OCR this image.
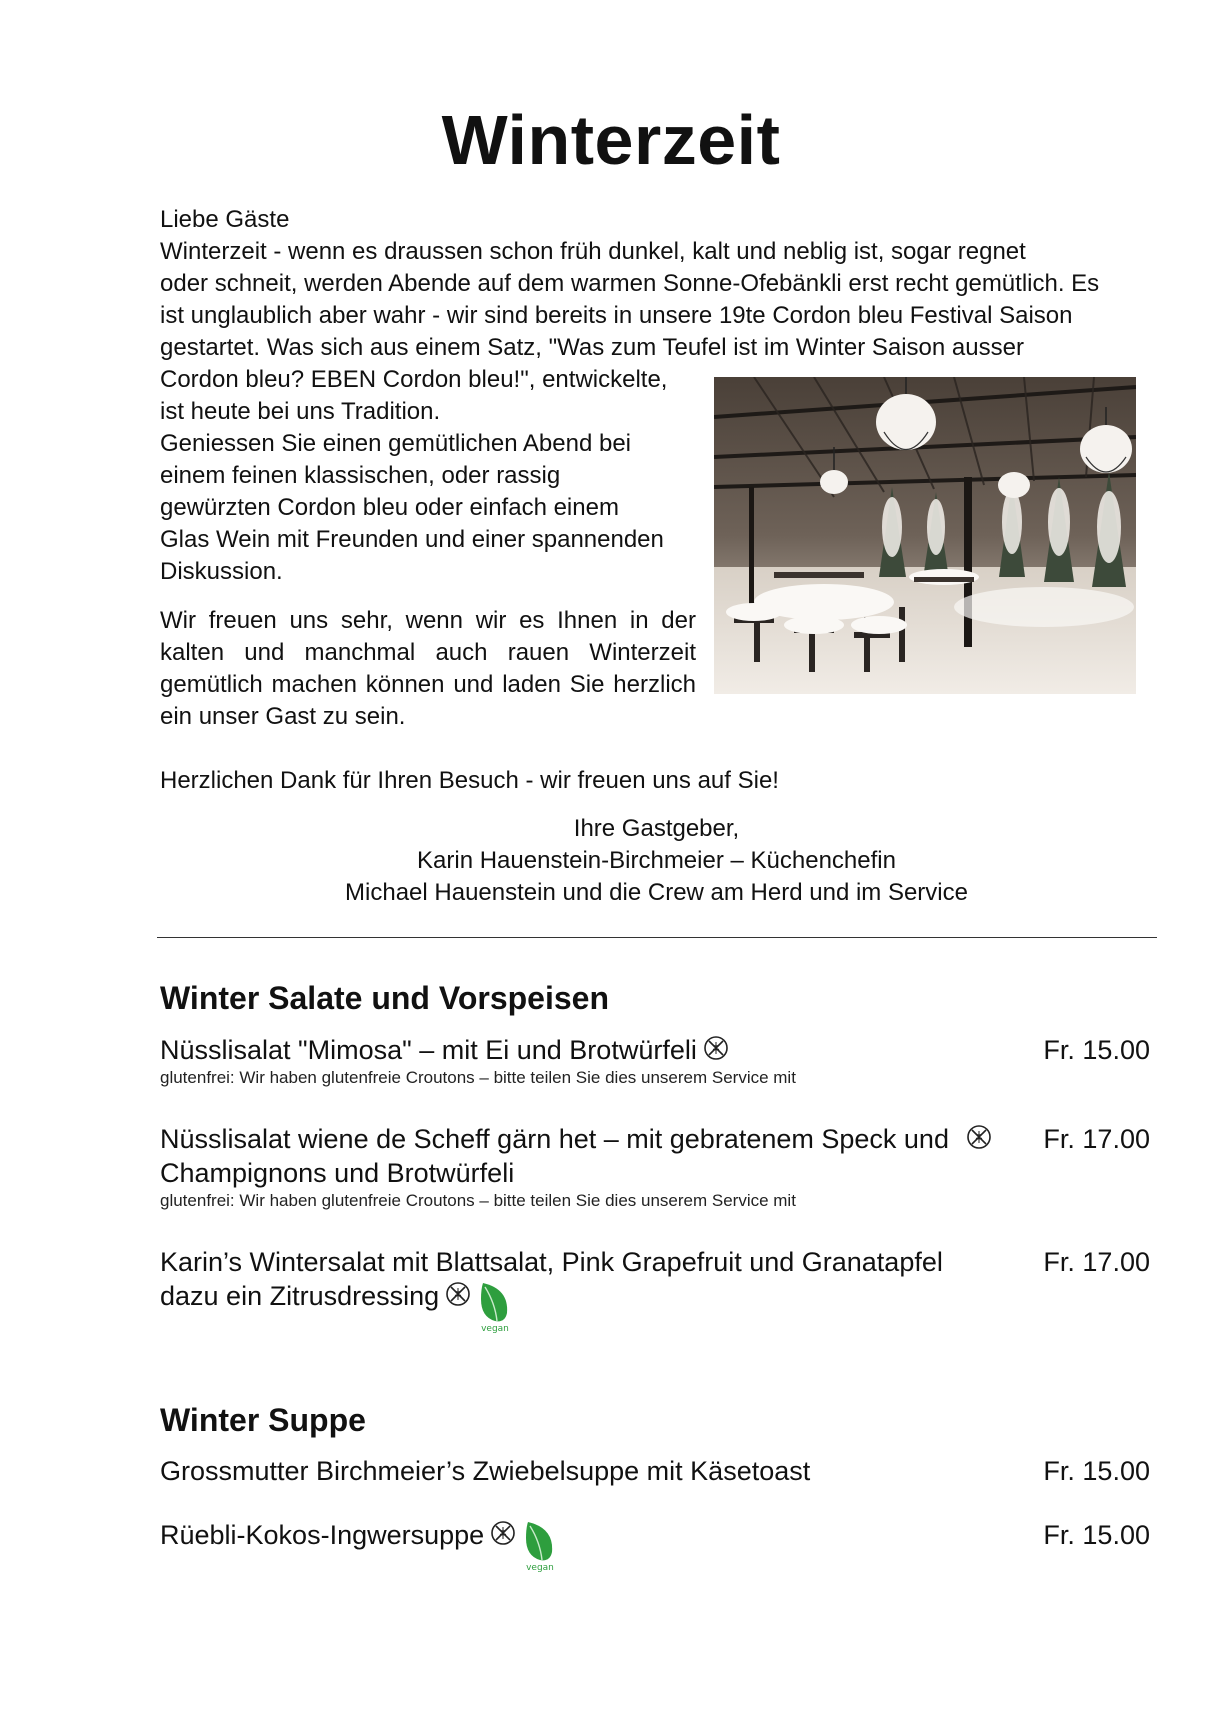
Winterzeit
Liebe Gäste
Winterzeit - wenn es draussen schon früh dunkel, kalt und neblig ist, sogar regnet
oder schneit, werden Abende auf dem warmen Sonne-Ofebänkli erst recht gemütlich. Es
ist unglaublich aber wahr - wir sind bereits in unsere 19te Cordon bleu Festival Saison
gestartet. Was sich aus einem Satz, "Was zum Teufel ist im Winter Saison ausser
Cordon bleu? EBEN Cordon bleu!", entwickelte,
ist heute bei uns Tradition.
Geniessen Sie einen gemütlichen Abend bei
einem feinen klassischen, oder rassig
gewürzten Cordon bleu oder einfach einem
Glas Wein mit Freunden und einer spannenden
Diskussion.
Wir freuen uns sehr, wenn wir es Ihnen in der kalten und manchmal auch rauen Winterzeit gemütlich machen können und laden Sie herzlich ein unser Gast zu sein.
Herzlichen Dank für Ihren Besuch - wir freuen uns auf Sie!
Ihre Gastgeber,
Karin Hauenstein-Birchmeier – Küchenchefin
Michael Hauenstein und die Crew am Herd und im Service
Winter Salate und Vorspeisen
Nüsslisalat "Mimosa" – mit Ei und Brotwürfeli
glutenfrei: Wir haben glutenfreie Croutons – bitte teilen Sie dies unserem Service mit
Fr. 15.00
Nüsslisalat wiene de Scheff gärn het – mit gebratenem Speck und Champignons und Brotwürfeli
glutenfrei: Wir haben glutenfreie Croutons – bitte teilen Sie dies unserem Service mit
Fr. 17.00
Karin’s Wintersalat mit Blattsalat, Pink Grapefruit und Granatapfel dazu ein Zitrusdressing
vegan
Fr. 17.00
Winter Suppe
Grossmutter Birchmeier’s Zwiebelsuppe mit Käsetoast	Fr. 15.00
Rüebli-Kokos-Ingwersuppe
vegan
Fr. 15.00
